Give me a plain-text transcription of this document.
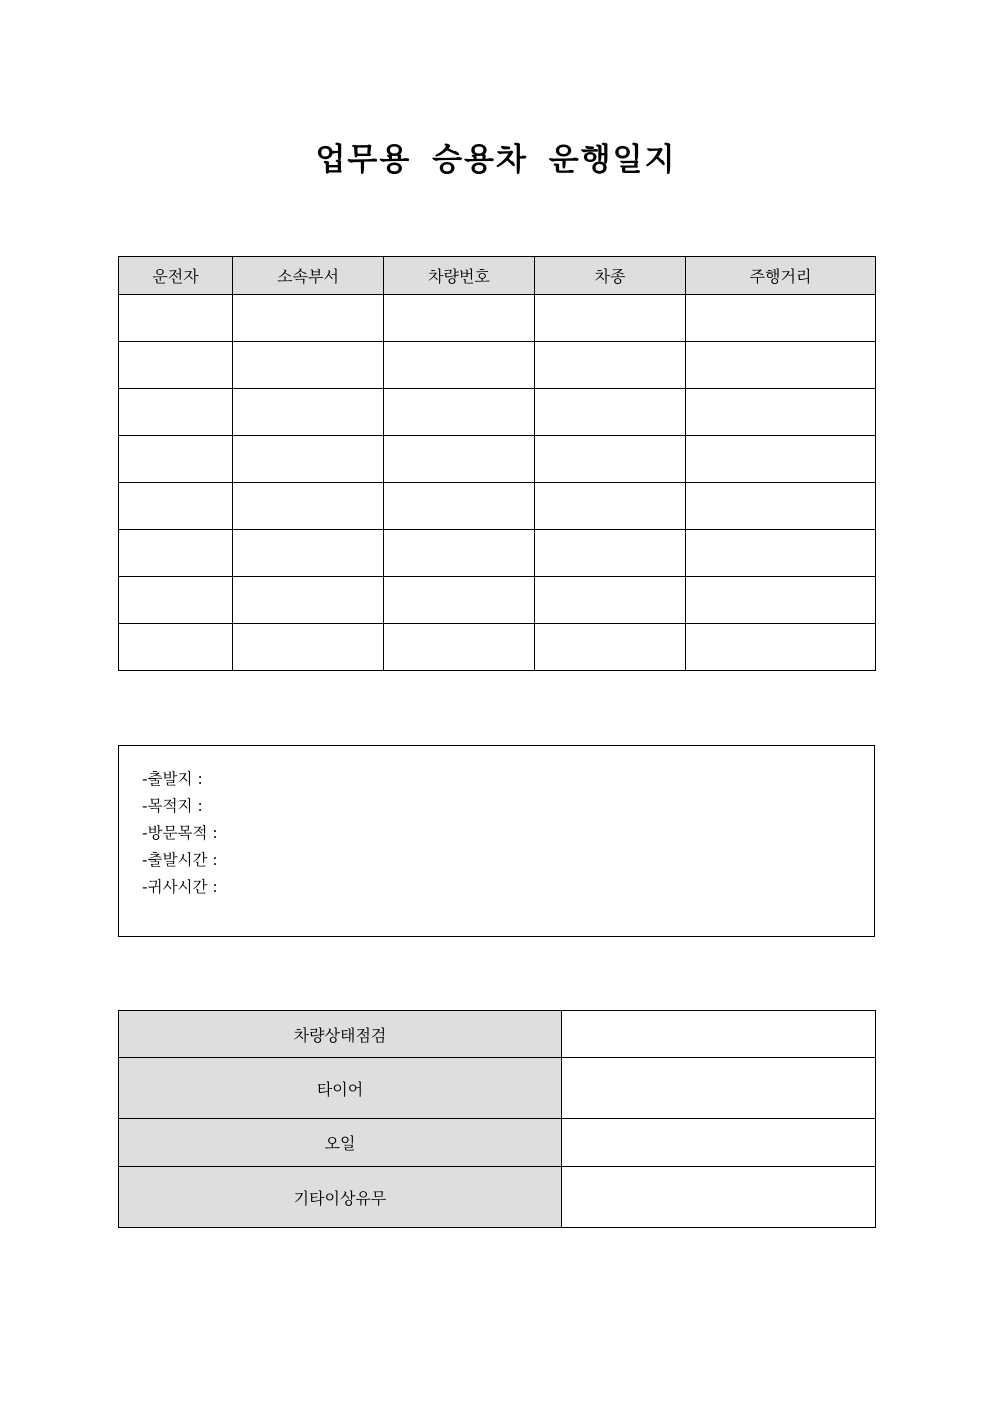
업무용 승용차 운행일지
운전자	소속부서	차량번호	차종	주행거리

-출발지 :
-목적지 :
-방문목적 :
-출발시간 :
-귀사시간 :
차량상태점검	
타이어	
오일	
기타이상유무	
